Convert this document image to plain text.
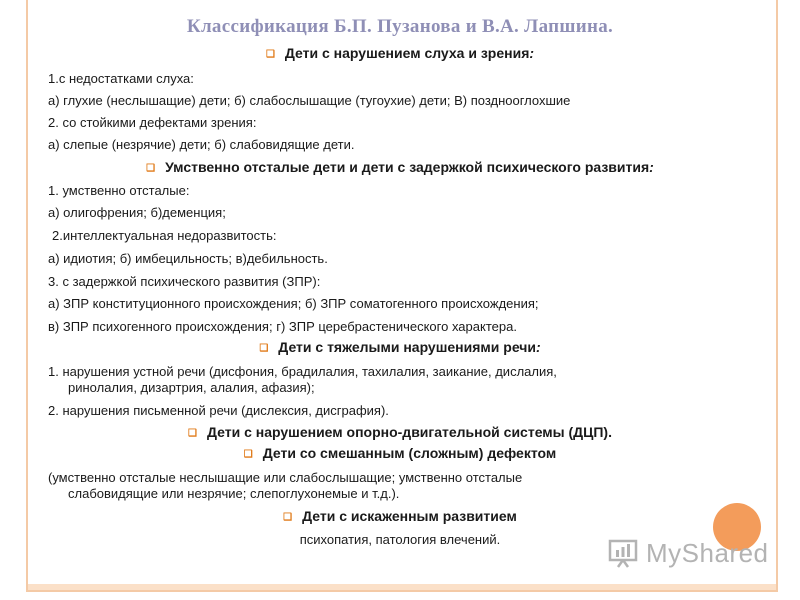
Классификация Б.П. Пузанова и В.А. Лапшина.
❑ Дети с нарушением слуха и зрения:
1.с недостатками слуха:
а) глухие (неслышащие) дети; б) слабослышащие (тугоухие) дети; В) позднооглохшие
2. со стойкими дефектами зрения:
а) слепые (незрячие) дети; б) слабовидящие дети.
❑ Умственно отсталые дети и дети с задержкой психического развития:
1. умственно отсталые:
а) олигофрения; б)деменция;
2.интеллектуальная недоразвитость:
а) идиотия; б) имбецильность; в)дебильность.
3. с задержкой психического развития (ЗПР):
а) ЗПР конституционного происхождения; б) ЗПР соматогенного происхождения;
в) ЗПР психогенного происхождения; г) ЗПР церебрастенического характера.
❑ Дети с тяжелыми нарушениями речи:
1. нарушения устной речи (дисфония, брадилалия, тахилалия, заикание, дислалия,
ринолалия, дизартрия, алалия, афазия);
2. нарушения письменной речи (дислексия, дисграфия).
❑ Дети с нарушением опорно-двигательной системы (ДЦП).
❑ Дети со смешанным (сложным) дефектом
(умственно отсталые неслышащие или слабослышащие; умственно отсталые
слабовидящие или незрячие; слепоглухонемые и т.д.).
❑ Дети с искаженным развитием
психопатия, патология влечений.	MyShared
